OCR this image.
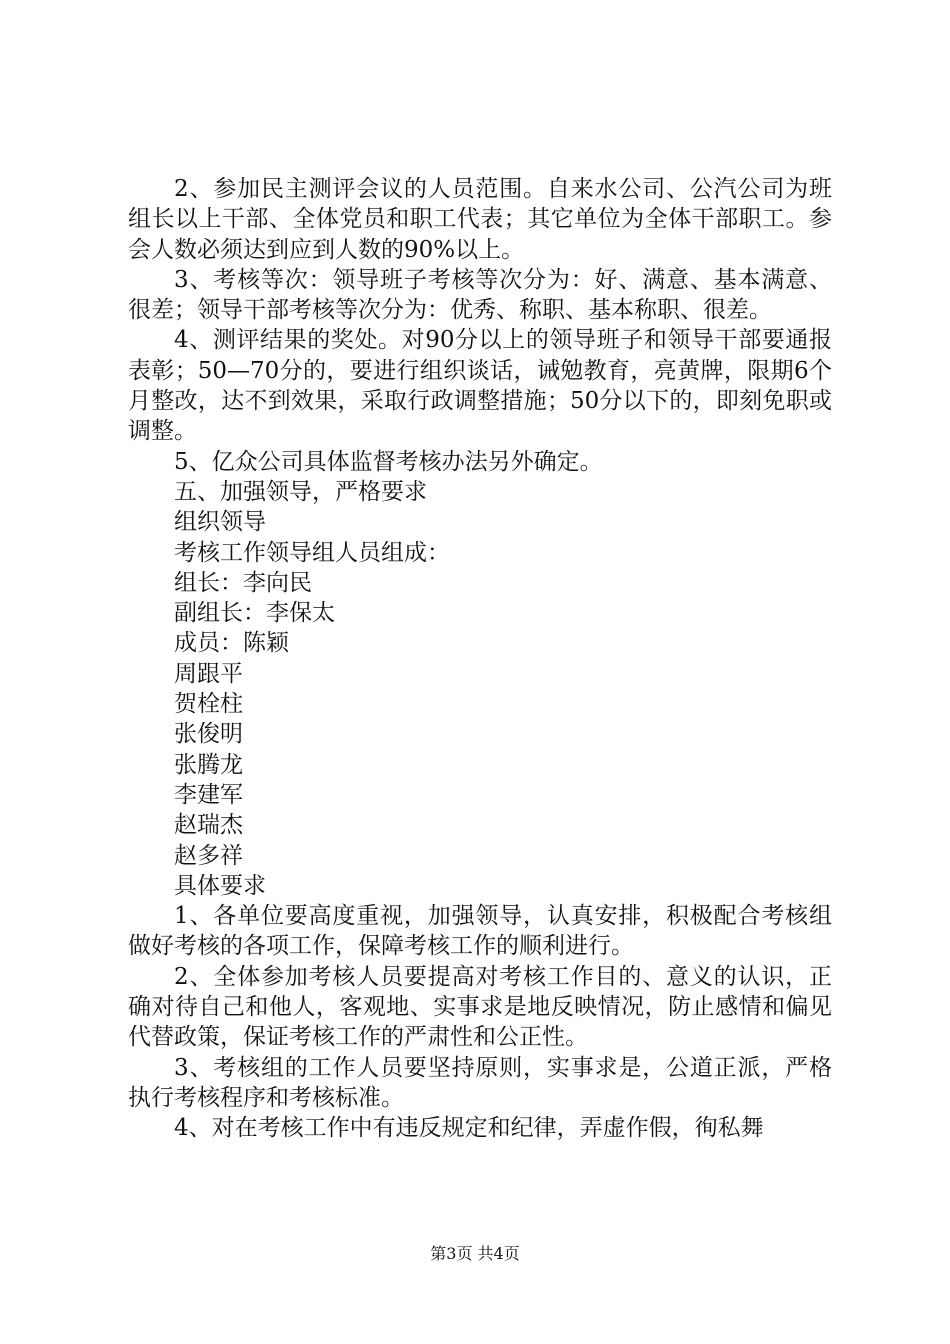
2、参加民主测评会议的人员范围。自来水公司、公汽公司为班组长以上干部、全体党员和职工代表；其它单位为全体干部职工。参会人数必须达到应到人数的90%以上。

3、考核等次：领导班子考核等次分为：好、满意、基本满意、很差；领导干部考核等次分为：优秀、称职、基本称职、很差。

4、测评结果的奖处。对90分以上的领导班子和领导干部要通报表彰；50—70分的，要进行组织谈话，诫勉教育，亮黄牌，限期6个月整改，达不到效果，采取行政调整措施；50分以下的，即刻免职或调整。

5、亿众公司具体监督考核办法另外确定。

五、加强领导，严格要求

组织领导

考核工作领导组人员组成：

组长：李向民

副组长：李保太

成员：陈颖

周跟平

贺栓柱

张俊明

张腾龙

李建军

赵瑞杰

赵多祥

具体要求

1、各单位要高度重视，加强领导，认真安排，积极配合考核组做好考核的各项工作，保障考核工作的顺利进行。

2、全体参加考核人员要提高对考核工作目的、意义的认识，正确对待自己和他人，客观地、实事求是地反映情况，防止感情和偏见代替政策，保证考核工作的严肃性和公正性。

3、考核组的工作人员要坚持原则，实事求是，公道正派，严格执行考核程序和考核标准。

4、对在考核工作中有违反规定和纪律，弄虚作假，徇私舞

第3页 共4页
